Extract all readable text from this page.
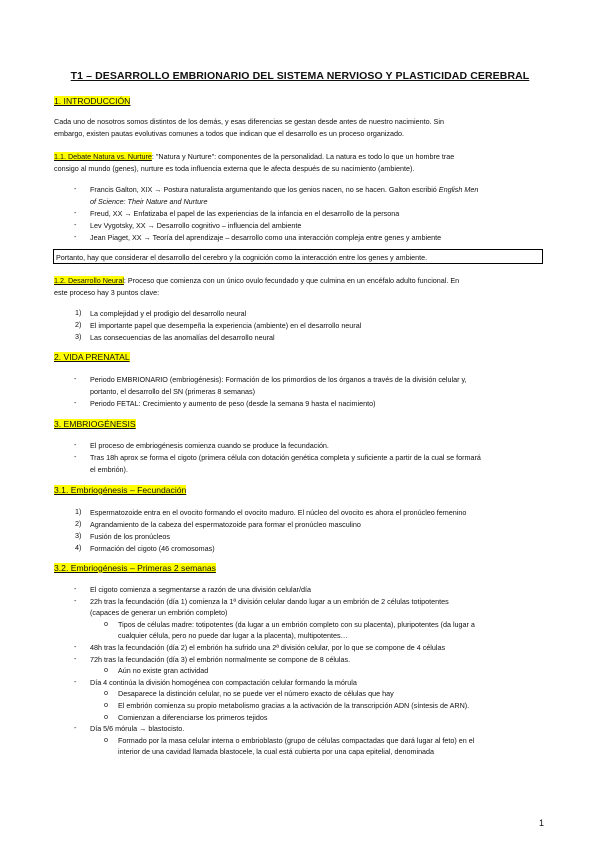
T1 – DESARROLLO EMBRIONARIO DEL SISTEMA NERVIOSO Y PLASTICIDAD CEREBRAL
1. INTRODUCCIÓN
Cada uno de nosotros somos distintos de los demás, y esas diferencias se gestan desde antes de nuestro nacimiento. Sin
embargo, existen pautas evolutivas comunes a todos que indican que el desarrollo es un proceso organizado.
1.1. Debate Natura vs. Nurture: "Natura y Nurture": componentes de la personalidad. La natura es todo lo que un hombre trae
consigo al mundo (genes), nurture es toda influencia externa que le afecta después de su nacimiento (ambiente).
- Francis Galton, XIX → Postura naturalista argumentando que los genios nacen, no se hacen. Galton escribió English Men
of Science: Their Nature and Nurture
- Freud, XX → Enfatizaba el papel de las experiencias de la infancia en el desarrollo de la persona
- Lev Vygotsky, XX → Desarrollo cognitivo – influencia del ambiente
- Jean Piaget, XX → Teoría del aprendizaje – desarrollo como una interacción compleja entre genes y ambiente
Portanto, hay que considerar el desarrollo del cerebro y la cognición como la interacción entre los genes y ambiente.
1.2. Desarrollo Neural: Proceso que comienza con un único ovulo fecundado y que culmina en un encéfalo adulto funcional. En
este proceso hay 3 puntos clave:
1) La complejidad y el prodigio del desarrollo neural
2) El importante papel que desempeña la experiencia (ambiente) en el desarrollo neural
3) Las consecuencias de las anomalías del desarrollo neural
2. VIDA PRENATAL
- Periodo EMBRIONARIO (embriogénesis): Formación de los primordios de los órganos a través de la división celular y,
portanto, el desarrollo del SN (primeras 8 semanas)
- Periodo FETAL: Crecimiento y aumento de peso (desde la semana 9 hasta el nacimiento)
3. EMBRIOGÉNESIS
- El proceso de embriogénesis comienza cuando se produce la fecundación.
- Tras 18h aprox se forma el cigoto (primera célula con dotación genética completa y suficiente a partir de la cual se formará
el embrión).
3.1. Embriogénesis – Fecundación
1) Espermatozoide entra en el ovocito formando el ovocito maduro. El núcleo del ovocito es ahora el pronúcleo femenino
2) Agrandamiento de la cabeza del espermatozoide para formar el pronúcleo masculino
3) Fusión de los pronúcleos
4) Formación del cigoto (46 cromosomas)
3.2. Embriogénesis – Primeras 2 semanas
- El cigoto comienza a segmentarse a razón de una división celular/día
- 22h tras la fecundación (día 1) comienza la 1ª división celular dando lugar a un embrión de 2 células totipotentes
(capaces de generar un embrión completo)
o Tipos de células madre: totipotentes (da lugar a un embrión completo con su placenta), pluripotentes (da lugar a
cualquier célula, pero no puede dar lugar a la placenta), multipotentes…
- 48h tras la fecundación (día 2) el embrión ha sufrido una 2ª división celular, por lo que se compone de 4 células
- 72h tras la fecundación (día 3) el embrión normalmente se compone de 8 células.
o Aún no existe gran actividad
- Día 4 continúa la división homogénea con compactación celular formando la mórula
o Desaparece la distinción celular, no se puede ver el número exacto de células que hay
o El embrión comienza su propio metabolismo gracias a la activación de la transcripción ADN (síntesis de ARN).
o Comienzan a diferenciarse los primeros tejidos
- Día 5/6 mórula → blastocisto.
o Formado por la masa celular interna o embrioblasto (grupo de células compactadas que dará lugar al feto) en el
interior de una cavidad llamada blastocele, la cual está cubierta por una capa epitelial, denominada
1
